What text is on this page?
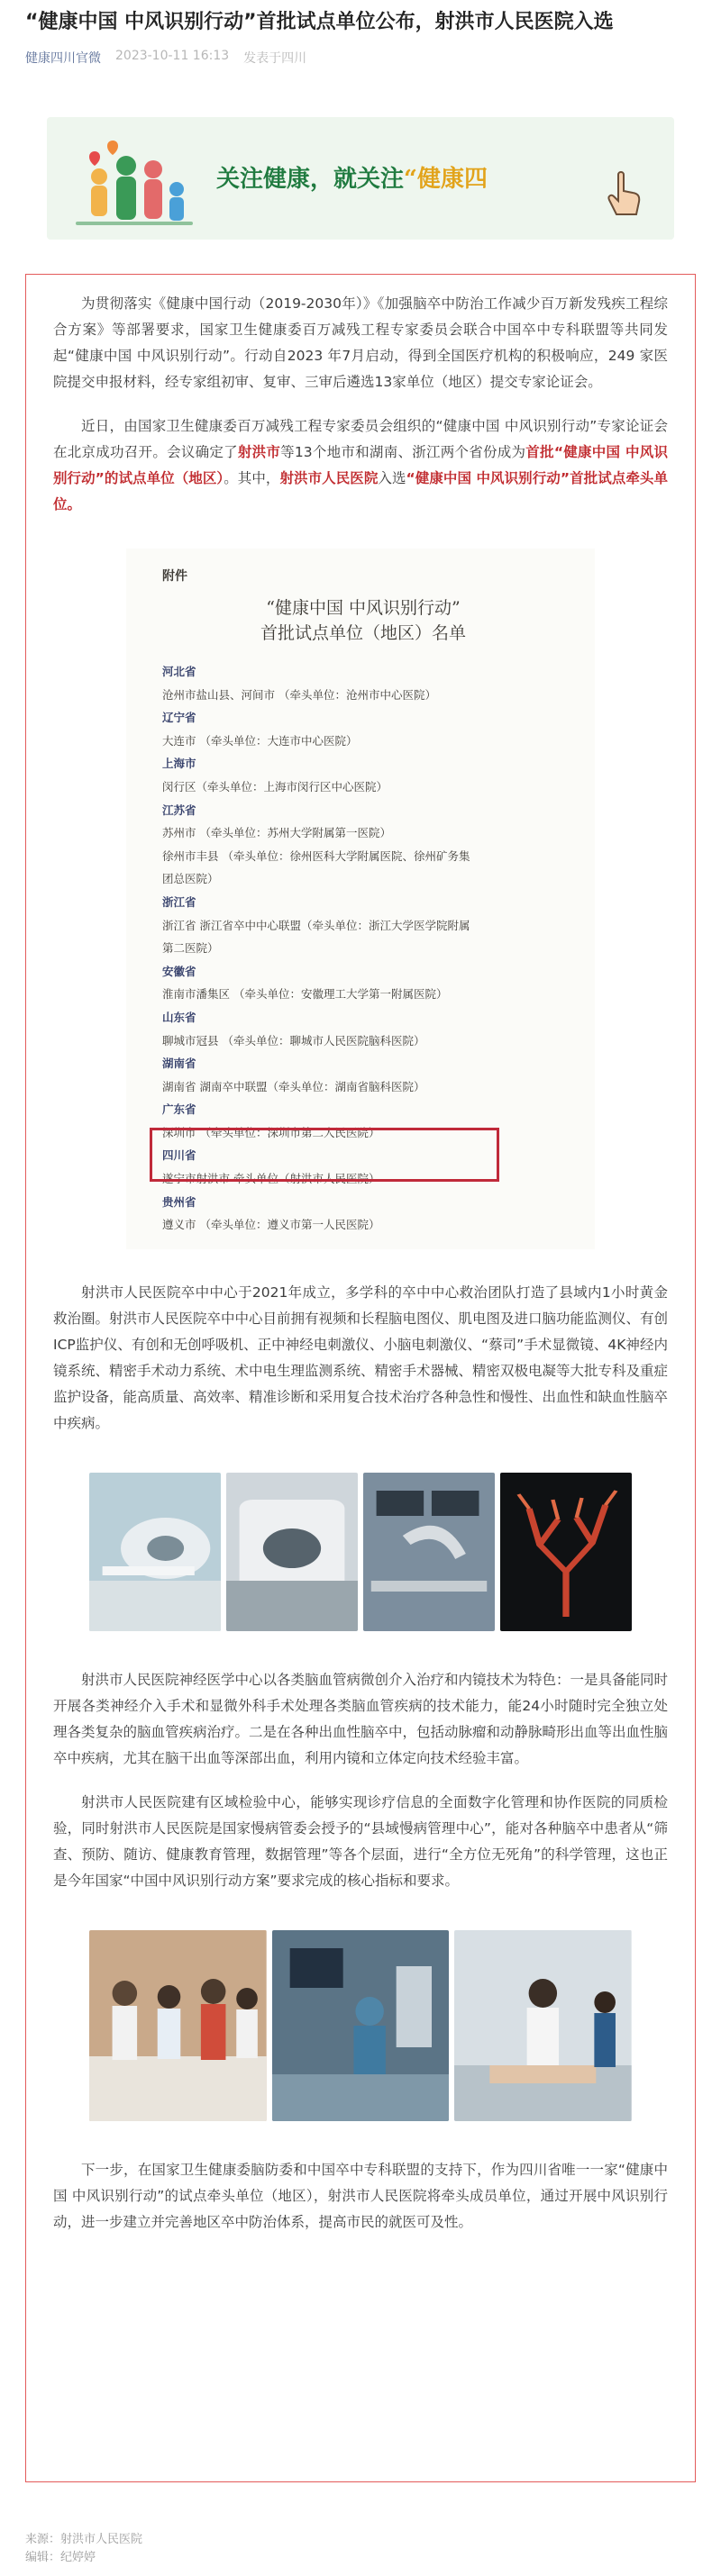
“健康中国 中风识别行动”首批试点单位公布，射洪市人民医院入选
健康四川官微 2023-10-11 16:13 发表于四川
关注健康，就关注“健康四

为贯彻落实《健康中国行动（2019-2030年）》《加强脑卒中防治工作减少百万新发残疾工程综合方案》等部署要求，国家卫生健康委百万减残工程专家委员会联合中国卒中专科联盟等共同发起“健康中国 中风识别行动”。行动自2023 年7月启动，得到全国医疗机构的积极响应，249 家医院提交申报材料，经专家组初审、复审、三审后遴选13家单位（地区）提交专家论证会。

近日，由国家卫生健康委百万减残工程专家委员会组织的“健康中国 中风识别行动”专家论证会在北京成功召开。会议确定了射洪市等13个地市和湖南、浙江两个省份成为首批“健康中国 中风识别行动”的试点单位（地区）。其中，射洪市人民医院入选“健康中国 中风识别行动”首批试点牵头单位。

附件
“健康中国 中风识别行动”
首批试点单位（地区）名单
河北省
沧州市盐山县、河间市 （牵头单位：沧州市中心医院）
辽宁省
大连市 （牵头单位：大连市中心医院）
上海市
闵行区（牵头单位：上海市闵行区中心医院）
江苏省
苏州市 （牵头单位：苏州大学附属第一医院）
徐州市丰县 （牵头单位：徐州医科大学附属医院、徐州矿务集
团总医院）
浙江省
浙江省 浙江省卒中中心联盟（牵头单位：浙江大学医学院附属
第二医院）
安徽省
淮南市潘集区 （牵头单位：安徽理工大学第一附属医院）
山东省
聊城市冠县 （牵头单位：聊城市人民医院脑科医院）
湖南省
湖南省 湖南卒中联盟（牵头单位：湖南省脑科医院）
广东省
深圳市 （牵头单位：深圳市第二人民医院）
四川省
遂宁市射洪市 牵头单位（射洪市人民医院）
贵州省
遵义市 （牵头单位：遵义市第一人民医院）

射洪市人民医院卒中中心于2021年成立，多学科的卒中中心救治团队打造了县域内1小时黄金救治圈。射洪市人民医院卒中中心目前拥有视频和长程脑电图仪、肌电图及进口脑功能监测仪、有创ICP监护仪、有创和无创呼吸机、正中神经电刺激仪、小脑电刺激仪、“蔡司”手术显微镜、4K神经内镜系统、精密手术动力系统、术中电生理监测系统、精密手术器械、精密双极电凝等大批专科及重症监护设备，能高质量、高效率、精准诊断和采用复合技术治疗各种急性和慢性、出血性和缺血性脑卒中疾病。

射洪市人民医院神经医学中心以各类脑血管病微创介入治疗和内镜技术为特色：一是具备能同时开展各类神经介入手术和显微外科手术处理各类脑血管疾病的技术能力，能24小时随时完全独立处理各类复杂的脑血管疾病治疗。二是在各种出血性脑卒中，包括动脉瘤和动静脉畸形出血等出血性脑卒中疾病，尤其在脑干出血等深部出血，利用内镜和立体定向技术经验丰富。

射洪市人民医院建有区域检验中心，能够实现诊疗信息的全面数字化管理和协作医院的同质检验，同时射洪市人民医院是国家慢病管委会授予的“县域慢病管理中心”，能对各种脑卒中患者从“筛查、预防、随访、健康教育管理，数据管理”等各个层面，进行“全方位无死角”的科学管理，这也正是今年国家“中国中风识别行动方案”要求完成的核心指标和要求。

下一步，在国家卫生健康委脑防委和中国卒中专科联盟的支持下，作为四川省唯一一家“健康中国 中风识别行动”的试点牵头单位（地区），射洪市人民医院将牵头成员单位，通过开展中风识别行动，进一步建立并完善地区卒中防治体系，提高市民的就医可及性。

来源：射洪市人民医院
编辑：纪婷婷
